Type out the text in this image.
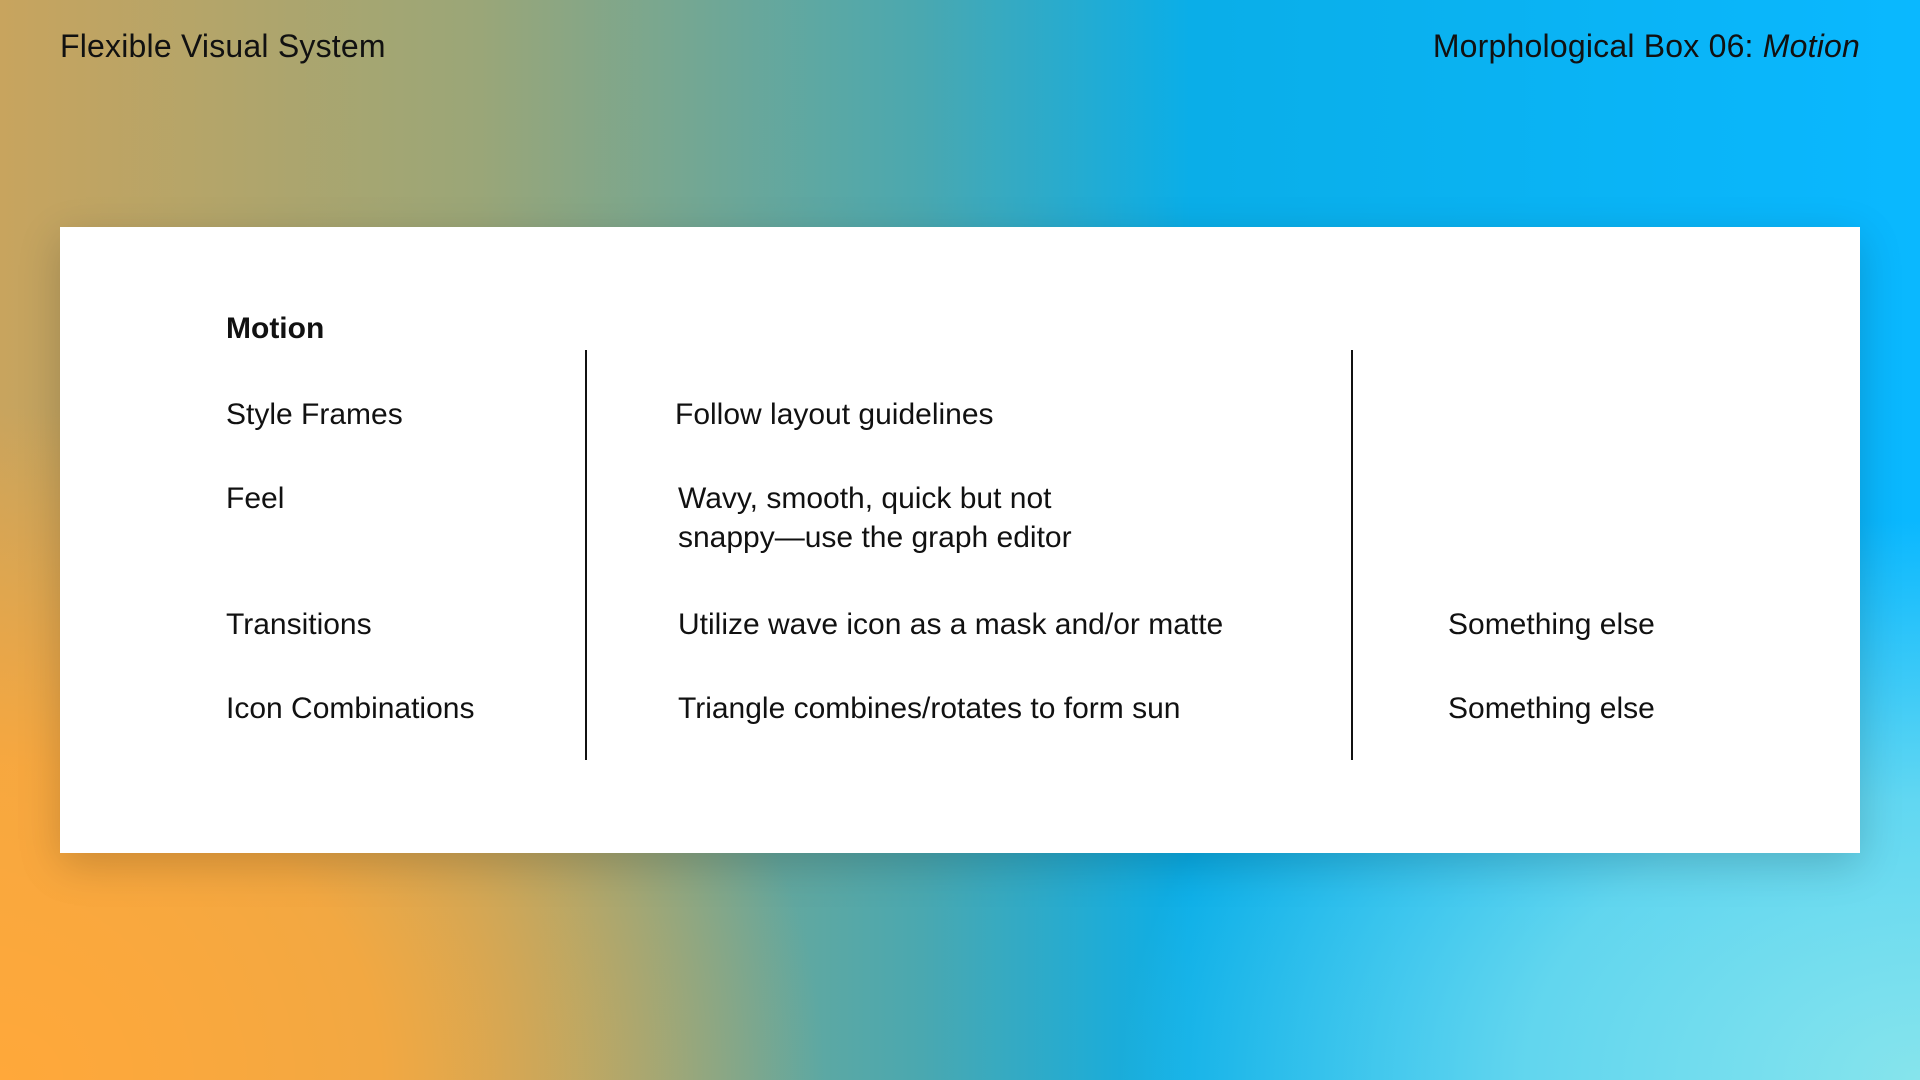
Flexible Visual System	Morphological Box 06: Motion
Motion
Style Frames	Follow layout guidelines
Feel	Wavy, smooth, quick but not
snappy—use the graph editor
Transitions	Utilize wave icon as a mask and/or matte	Something else
Icon Combinations	Triangle combines/rotates to form sun	Something else
